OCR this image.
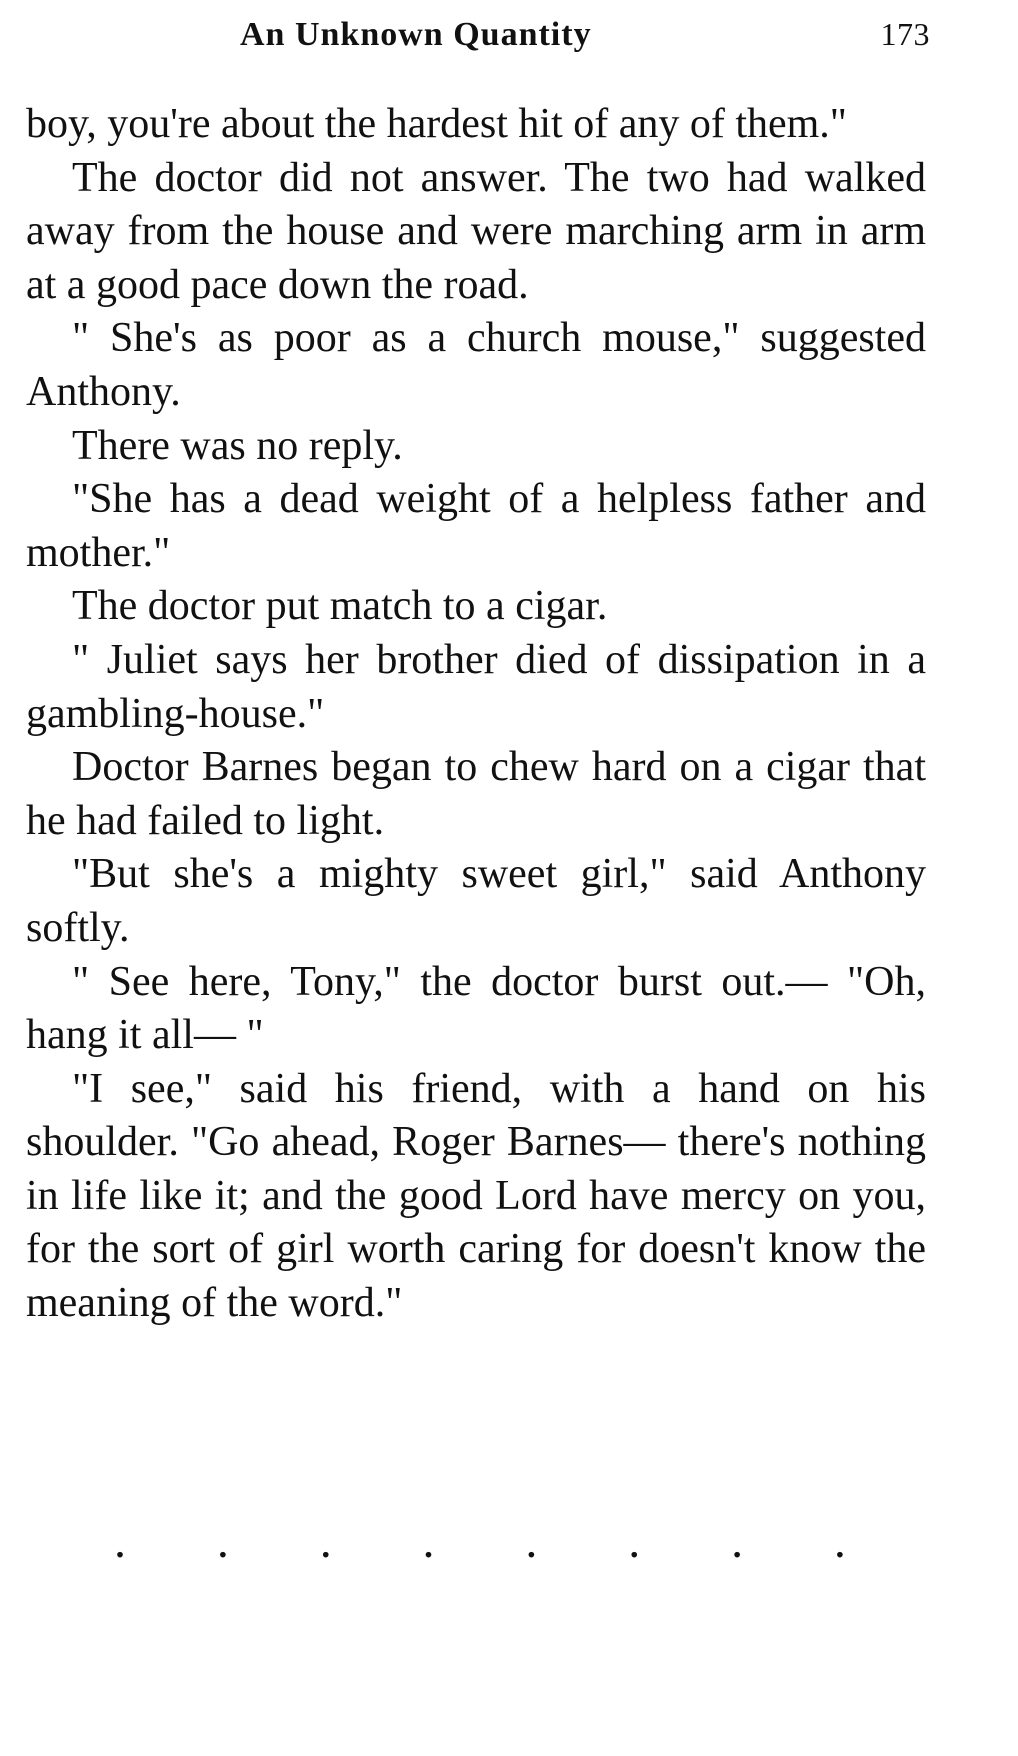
An Unknown Quantity	173

boy, you're about the hardest hit of any of them."

The doctor did not answer. The two had walked away from the house and were marching arm in arm at a good pace down the road.

" She's as poor as a church mouse," suggested Anthony.

There was no reply.

"She has a dead weight of a helpless father and mother."

The doctor put match to a cigar.

" Juliet says her brother died of dissipation in a gambling-house."

Doctor Barnes began to chew hard on a cigar that he had failed to light.

"But she's a mighty sweet girl," said Anthony softly.

" See here, Tony," the doctor burst out.— "Oh, hang it all— "

"I see," said his friend, with a hand on his shoulder. "Go ahead, Roger Barnes— there's nothing in life like it; and the good Lord have mercy on you, for the sort of girl worth caring for doesn't know the meaning of the word."

. . . . . . . .
